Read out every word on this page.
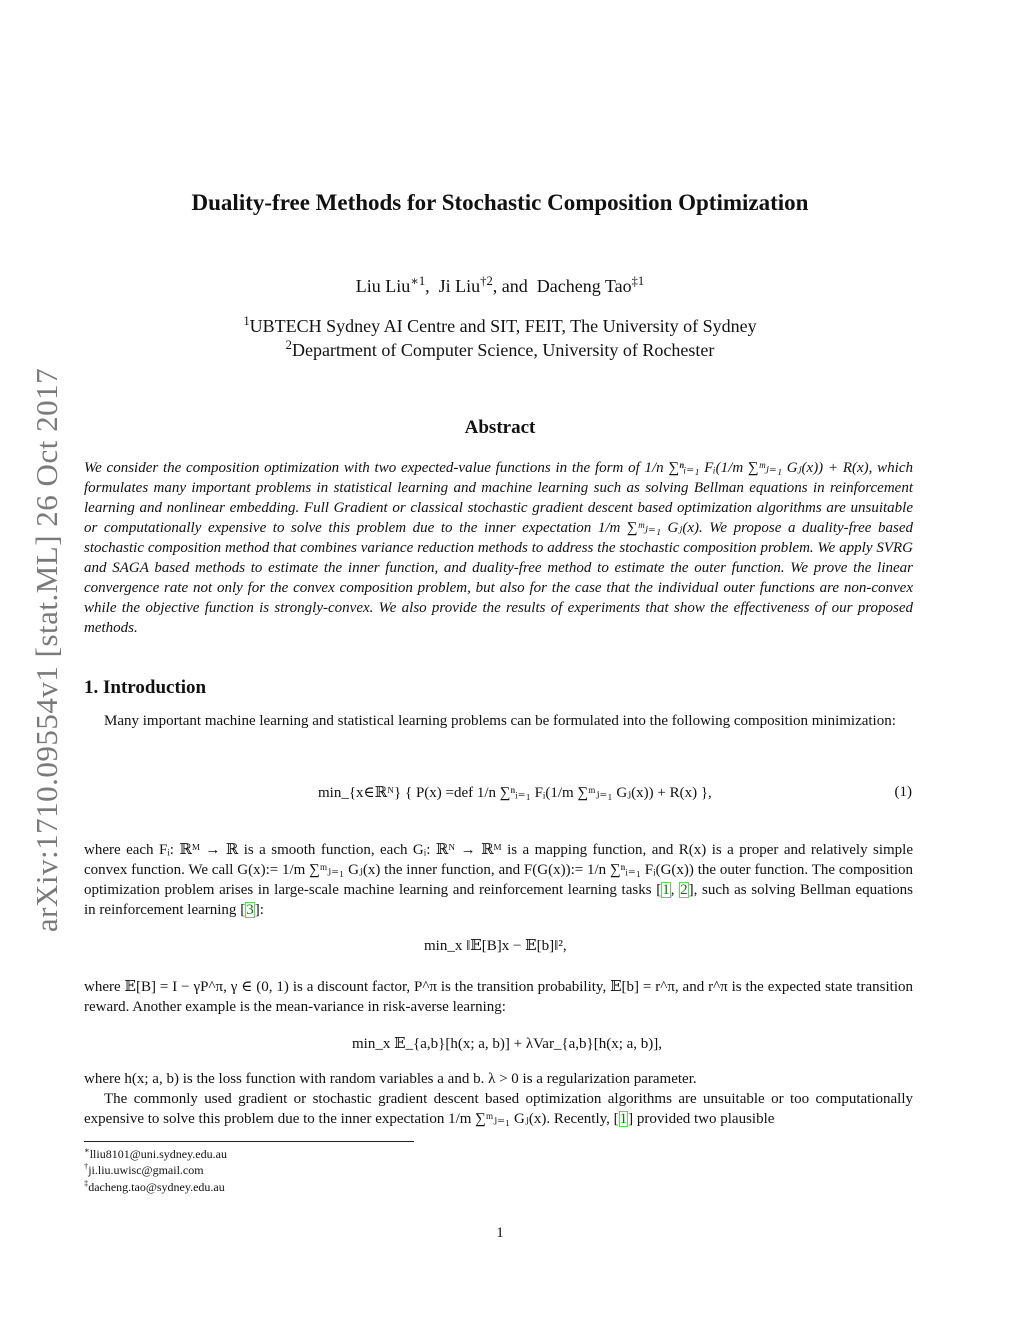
arXiv:1710.09554v1 [stat.ML] 26 Oct 2017
Duality-free Methods for Stochastic Composition Optimization
Liu Liu$^{∗1}$, Ji Liu$^{\dagger 2}$, and Dacheng Tao$^{\ddagger 1}$
$^1$UBTECH Sydney AI Centre and SIT, FEIT, The University of Sydney
$^2$Department of Computer Science, University of Rochester
Abstract
We consider the composition optimization with two expected-value functions in the form of 1/n ∑ⁿᵢ₌₁ Fᵢ(1/m ∑ᵐⱼ₌₁ Gⱼ(x)) + R(x), which formulates many important problems in statistical learning and machine learning such as solving Bellman equations in reinforcement learning and nonlinear embedding. Full Gradient or classical stochastic gradient descent based optimization algorithms are unsuitable or computationally expensive to solve this problem due to the inner expectation 1/m ∑ᵐⱼ₌₁ Gⱼ(x). We propose a duality-free based stochastic composition method that combines variance reduction methods to address the stochastic composition problem. We apply SVRG and SAGA based methods to estimate the inner function, and duality-free method to estimate the outer function. We prove the linear convergence rate not only for the convex composition problem, but also for the case that the individual outer functions are non-convex while the objective function is strongly-convex. We also provide the results of experiments that show the effectiveness of our proposed methods.
1. Introduction
Many important machine learning and statistical learning problems can be formulated into the following composition minimization:
min_{x∈ℝᴺ} { P(x) =def 1/n ∑ⁿᵢ₌₁ Fᵢ(1/m ∑ᵐⱼ₌₁ Gⱼ(x)) + R(x) },	(1)
where each Fᵢ: ℝᴹ → ℝ is a smooth function, each Gᵢ: ℝᴺ → ℝᴹ is a mapping function, and R(x) is a proper and relatively simple convex function. We call G(x):= 1/m ∑ᵐⱼ₌₁ Gⱼ(x) the inner function, and F(G(x)):= 1/n ∑ⁿᵢ₌₁ Fᵢ(G(x)) the outer function. The composition optimization problem arises in large-scale machine learning and reinforcement learning tasks [1, 2], such as solving Bellman equations in reinforcement learning [3]:
min_x ‖𝔼[B]x − 𝔼[b]‖²,
where 𝔼[B] = I − γP^π, γ ∈ (0, 1) is a discount factor, P^π is the transition probability, 𝔼[b] = r^π, and r^π is the expected state transition reward. Another example is the mean-variance in risk-averse learning:
min_x 𝔼_{a,b}[h(x; a, b)] + λVar_{a,b}[h(x; a, b)],
where h(x; a, b) is the loss function with random variables a and b. λ > 0 is a regularization parameter.
The commonly used gradient or stochastic gradient descent based optimization algorithms are unsuitable or too computationally expensive to solve this problem due to the inner expectation 1/m ∑ᵐⱼ₌₁ Gⱼ(x). Recently, [1] provided two plausible
∗lliu8101@uni.sydney.edu.au
†ji.liu.uwisc@gmail.com
‡dacheng.tao@sydney.edu.au
1
